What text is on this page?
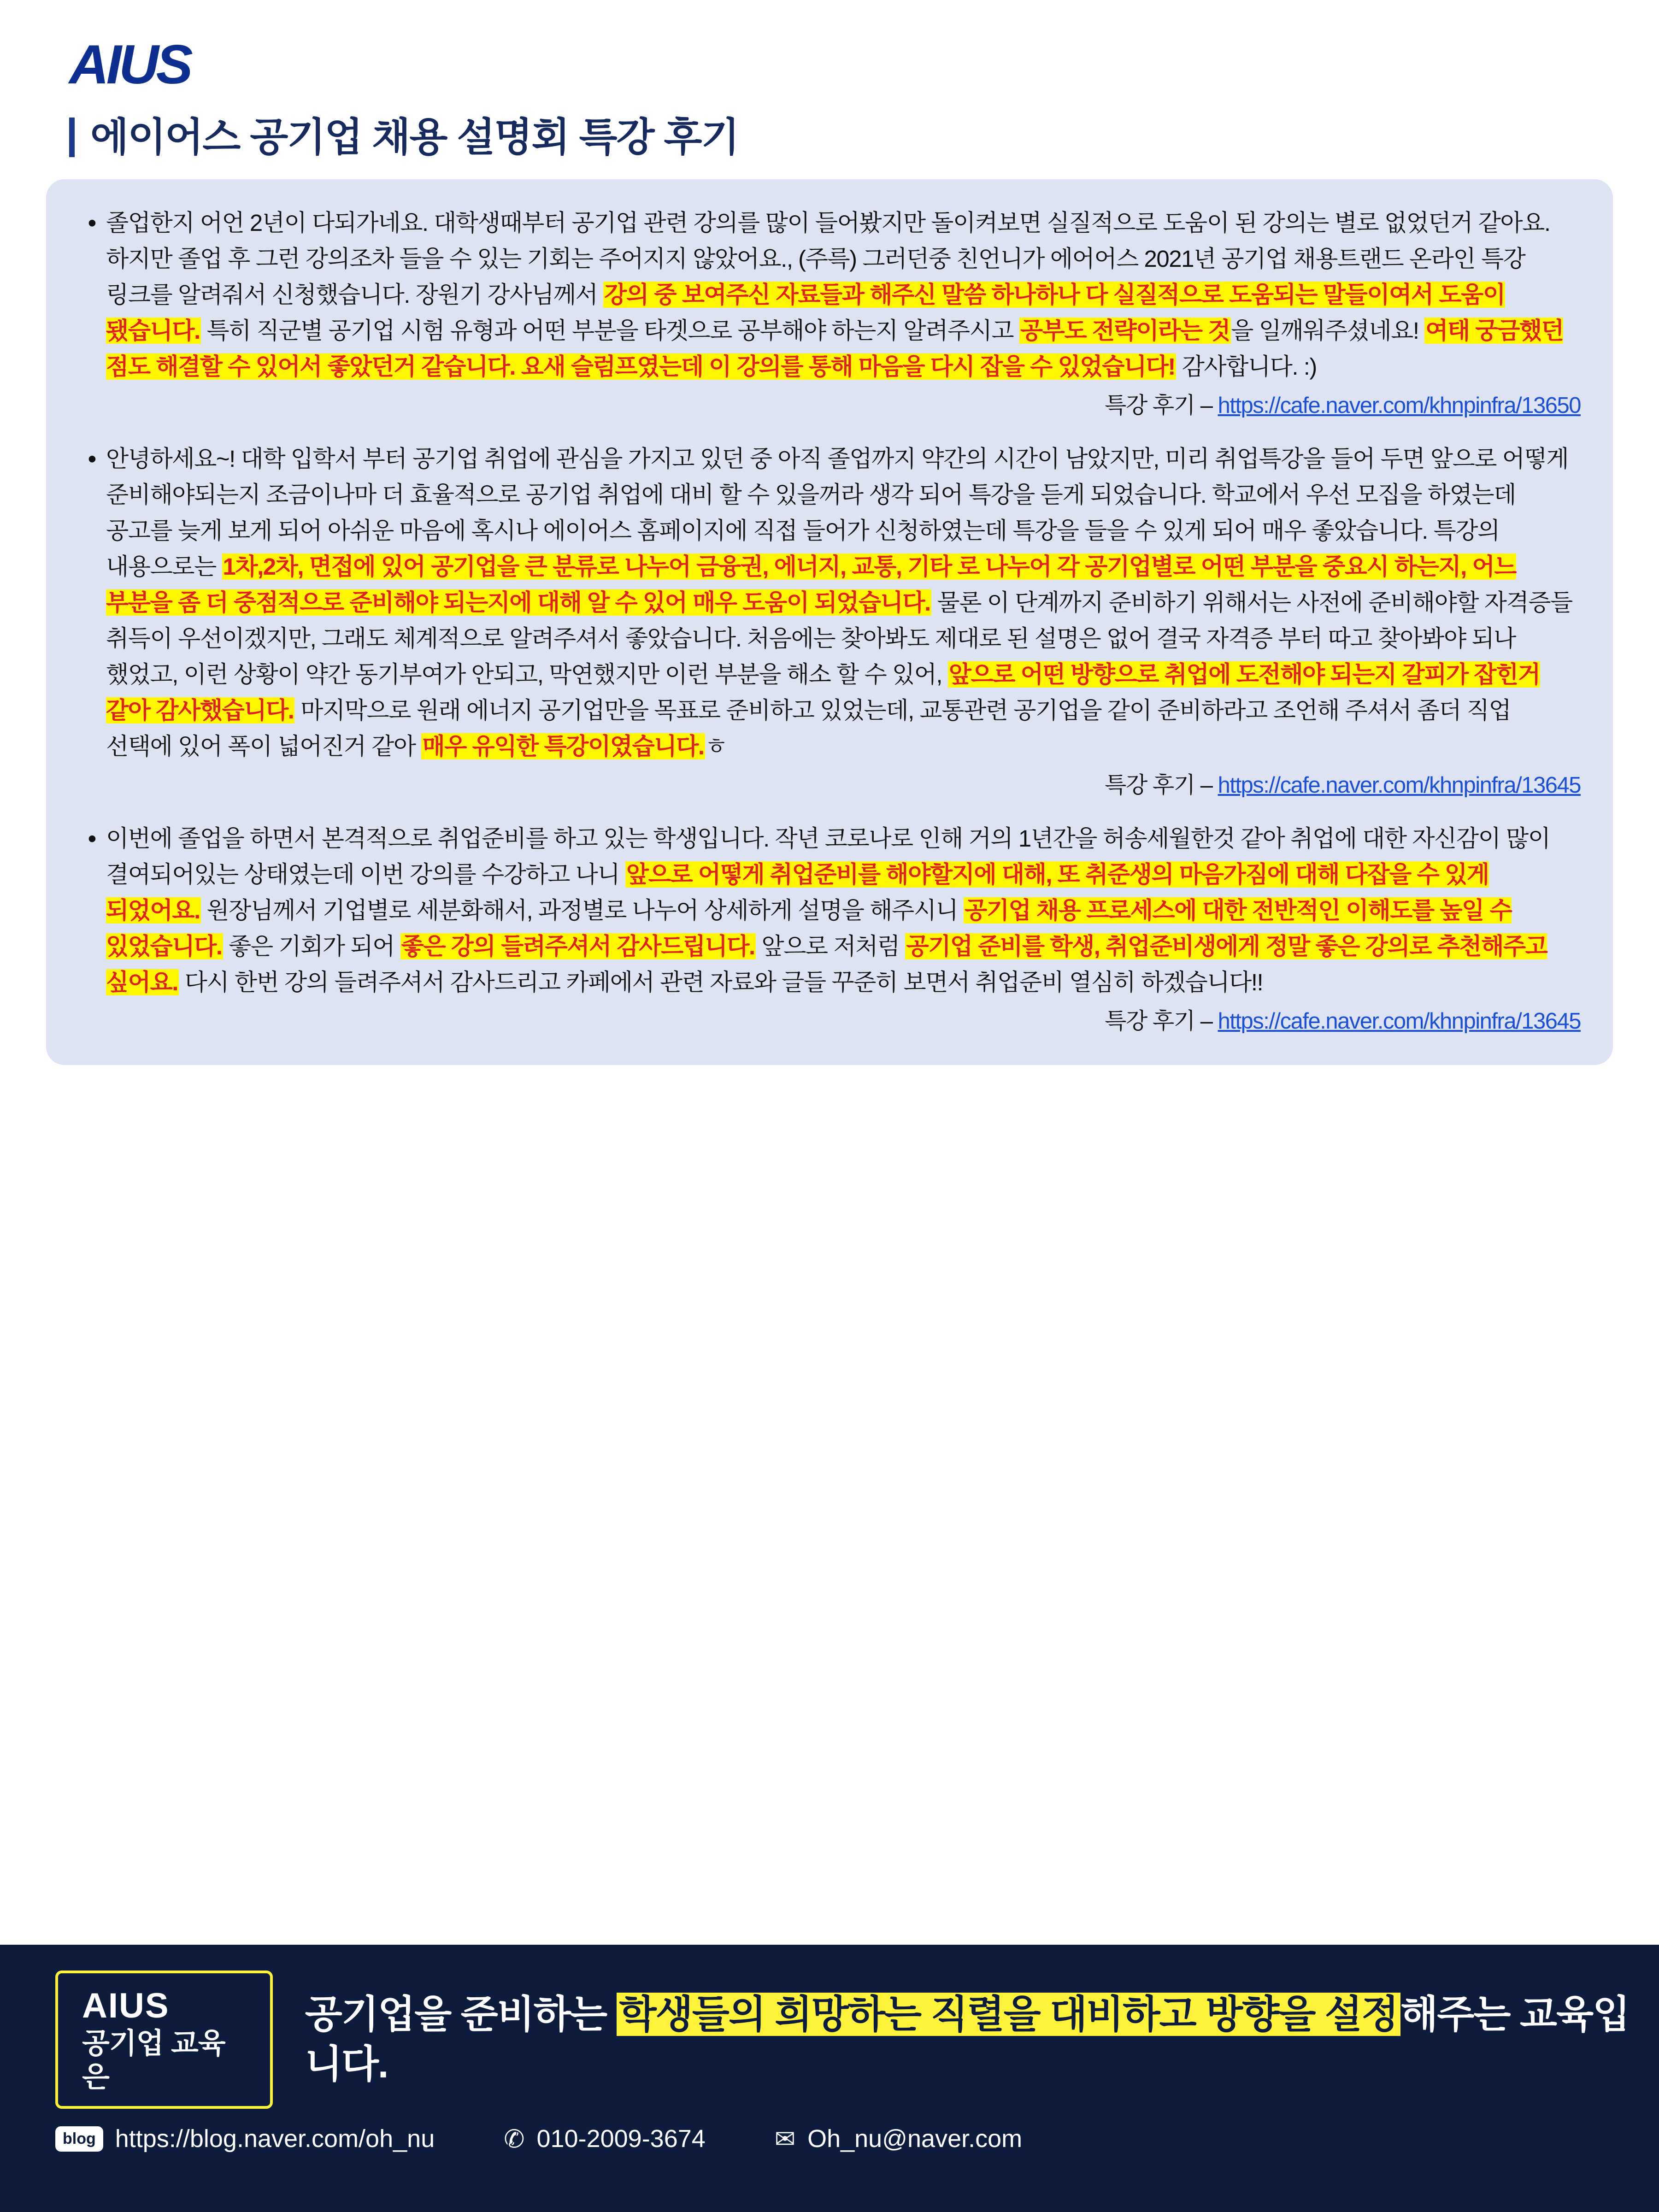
AIUS
에이어스 공기업 채용 설명회 특강 후기
• 졸업한지 어언 2년이 다되가네요. 대학생때부터 공기업 관련 강의를 많이 들어봤지만 돌이켜보면 실질적으로 도움이 된 강의는 별로 없었던거 같아요. 하지만 졸업 후 그런 강의조차 들을 수 있는 기회는 주어지지 않았어요., (주륵) 그러던중 친언니가 에어어스 2021년 공기업 채용트랜드 온라인 특강 링크를 알려줘서 신청했습니다. 장원기 강사님께서 강의 중 보여주신 자료들과 해주신 말씀 하나하나 다 실질적으로 도움되는 말들이여서 도움이 됐습니다. 특히 직군별 공기업 시험 유형과 어떤 부분을 타겟으로 공부해야 하는지 알려주시고 공부도 전략이라는 것을 일깨워주셨네요! 여태 궁금했던 점도 해결할 수 있어서 좋았던거 같습니다. 요새 슬럼프였는데 이 강의를 통해 마음을 다시 잡을 수 있었습니다! 감사합니다. :)
특강 후기 – https://cafe.naver.com/khnpinfra/13650
• 안녕하세요~! 대학 입학서 부터 공기업 취업에 관심을 가지고 있던 중 아직 졸업까지 약간의 시간이 남았지만, 미리 취업특강을 들어 두면 앞으로 어떻게 준비해야되는지 조금이나마 더 효율적으로 공기업 취업에 대비 할 수 있을꺼라 생각 되어 특강을 듣게 되었습니다. 학교에서 우선 모집을 하였는데 공고를 늦게 보게 되어 아쉬운 마음에 혹시나 에이어스 홈페이지에 직접 들어가 신청하였는데 특강을 들을 수 있게 되어 매우 좋았습니다. 특강의 내용으로는 1차,2차, 면접에 있어 공기업을 큰 분류로 나누어 금융권, 에너지, 교통, 기타 로 나누어 각 공기업별로 어떤 부분을 중요시 하는지, 어느 부분을 좀 더 중점적으로 준비해야 되는지에 대해 알 수 있어 매우 도움이 되었습니다. 물론 이 단계까지 준비하기 위해서는 사전에 준비해야할 자격증들 취득이 우선이겠지만, 그래도 체계적으로 알려주셔서 좋았습니다. 처음에는 찾아봐도 제대로 된 설명은 없어 결국 자격증 부터 따고 찾아봐야 되나 했었고, 이런 상황이 약간 동기부여가 안되고, 막연했지만 이런 부분을 해소 할 수 있어, 앞으로 어떤 방향으로 취업에 도전해야 되는지 갈피가 잡힌거 같아 감사했습니다. 마지막으로 원래 에너지 공기업만을 목표로 준비하고 있었는데, 교통관련 공기업을 같이 준비하라고 조언해 주셔서 좀더 직업 선택에 있어 폭이 넓어진거 같아 매우 유익한 특강이였습니다.ㅎ
특강 후기 – https://cafe.naver.com/khnpinfra/13645
• 이번에 졸업을 하면서 본격적으로 취업준비를 하고 있는 학생입니다. 작년 코로나로 인해 거의 1년간을 허송세월한것 같아 취업에 대한 자신감이 많이 결여되어있는 상태였는데 이번 강의를 수강하고 나니 앞으로 어떻게 취업준비를 해야할지에 대해, 또 취준생의 마음가짐에 대해 다잡을 수 있게 되었어요. 원장님께서 기업별로 세분화해서, 과정별로 나누어 상세하게 설명을 해주시니 공기업 채용 프로세스에 대한 전반적인 이해도를 높일 수 있었습니다. 좋은 기회가 되어 좋은 강의 들려주셔서 감사드립니다. 앞으로 저처럼 공기업 준비를 학생, 취업준비생에게 정말 좋은 강의로 추천해주고 싶어요. 다시 한번 강의 들려주셔서 감사드리고 카페에서 관련 자료와 글들 꾸준히 보면서 취업준비 열심히 하겠습니다!!
특강 후기 – https://cafe.naver.com/khnpinfra/13645
AIUS
공기업 교육은
공기업을 준비하는 학생들의 희망하는 직렬을 대비하고 방향을 설정해주는 교육입니다.
blog https://blog.naver.com/oh_nu	✆ 010-2009-3674	✉ Oh_nu@naver.com
